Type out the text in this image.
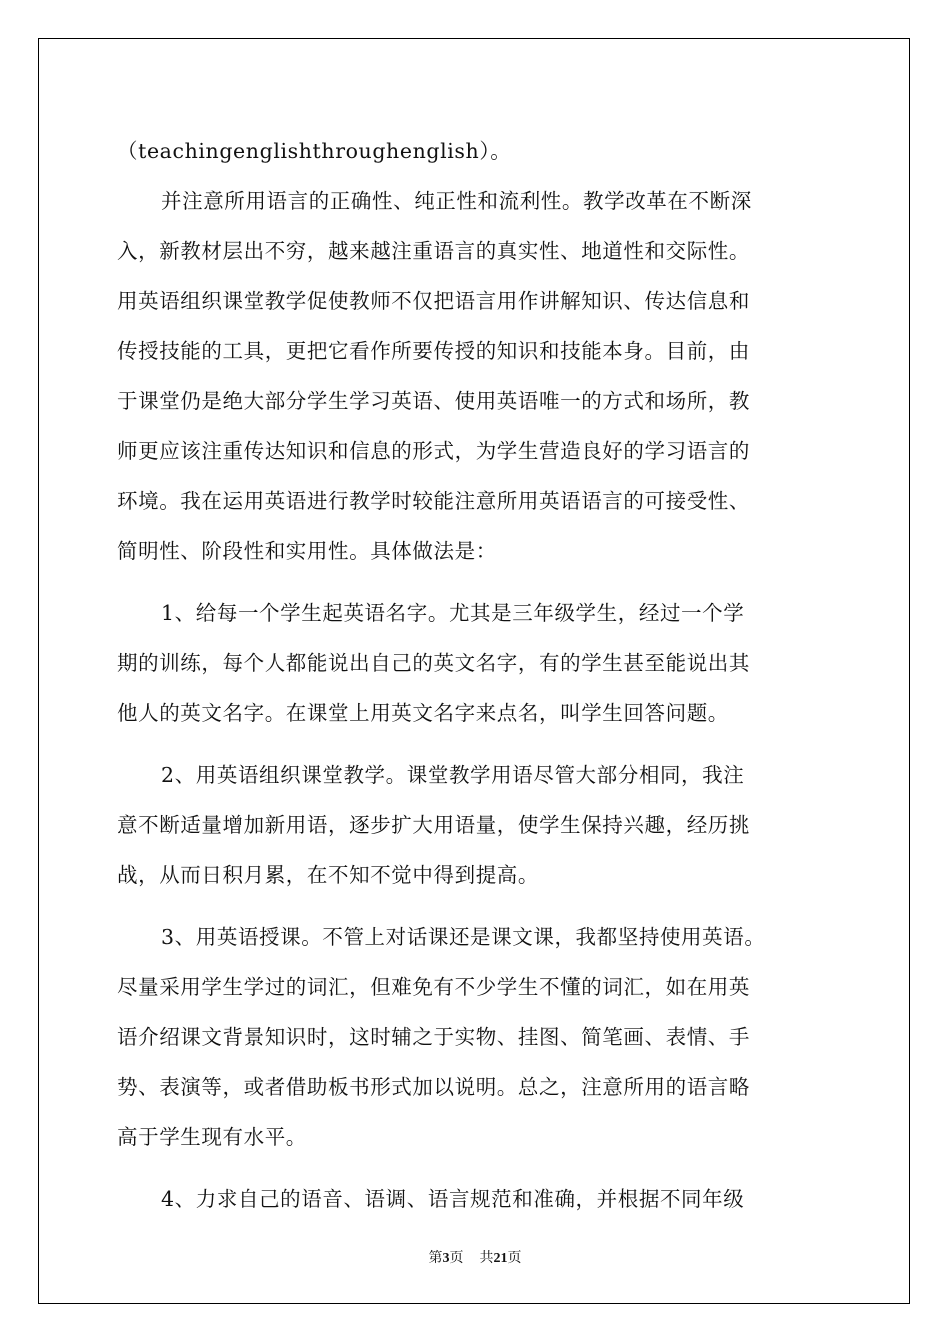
（teachingenglishthroughenglish）。
并注意所用语言的正确性、纯正性和流利性。教学改革在不断深
入，新教材层出不穷，越来越注重语言的真实性、地道性和交际性。
用英语组织课堂教学促使教师不仅把语言用作讲解知识、传达信息和
传授技能的工具，更把它看作所要传授的知识和技能本身。目前，由
于课堂仍是绝大部分学生学习英语、使用英语唯一的方式和场所，教
师更应该注重传达知识和信息的形式，为学生营造良好的学习语言的
环境。我在运用英语进行教学时较能注意所用英语语言的可接受性、
简明性、阶段性和实用性。具体做法是：
1、给每一个学生起英语名字。尤其是三年级学生，经过一个学
期的训练，每个人都能说出自己的英文名字，有的学生甚至能说出其
他人的英文名字。在课堂上用英文名字来点名，叫学生回答问题。
2、用英语组织课堂教学。课堂教学用语尽管大部分相同，我注
意不断适量增加新用语，逐步扩大用语量，使学生保持兴趣，经历挑
战，从而日积月累，在不知不觉中得到提高。
3、用英语授课。不管上对话课还是课文课，我都坚持使用英语。
尽量采用学生学过的词汇，但难免有不少学生不懂的词汇，如在用英
语介绍课文背景知识时，这时辅之于实物、挂图、简笔画、表情、手
势、表演等，或者借助板书形式加以说明。总之，注意所用的语言略
高于学生现有水平。
4、力求自己的语音、语调、语言规范和准确，并根据不同年级
第3页 共21页
